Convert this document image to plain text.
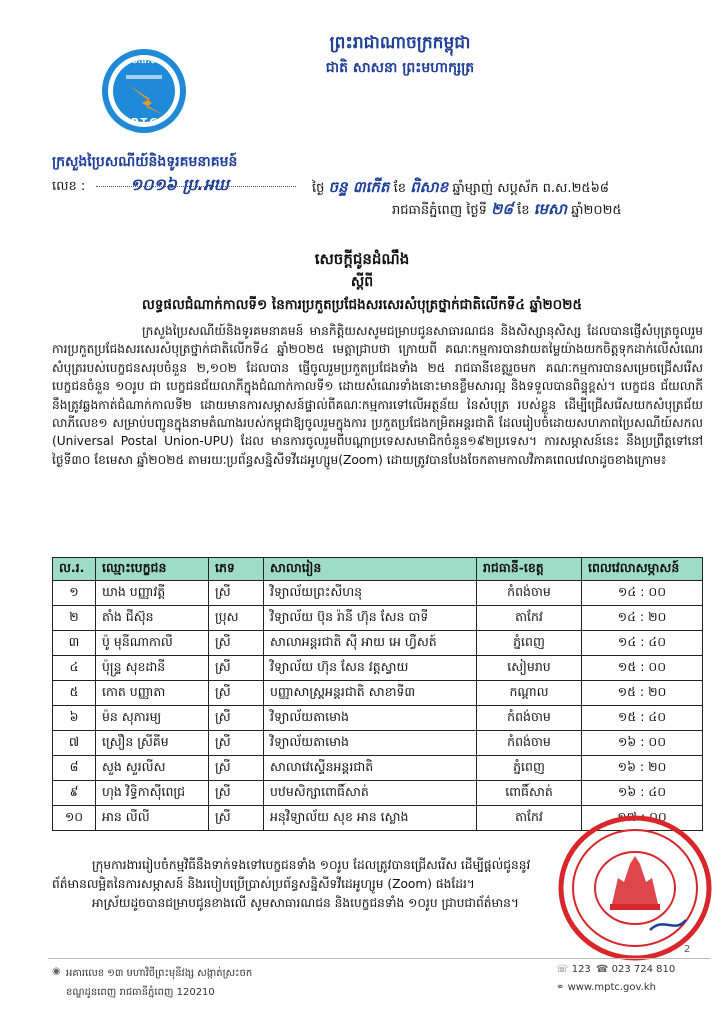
ព្រះរាជាណាចក្រកម្ពុជា
ជាតិ សាសនា ព្រះមហាក្សត្រ
ប.ផ.ទ
P.T.C
ក្រសួងប្រៃសណីយ៍និងទូរគមនាគមន៍
លេខ :	១០១៦ ប្រ.អឃ	ថ្ងៃ ចន្ទ ៣កើត ខែ ពិសាខ ឆ្នាំម្សាញ់ សប្តស័ក ព.ស.២៥៦៨
រាជធានីភ្នំពេញ ថ្ងៃទី ២៨ ខែ មេសា ឆ្នាំ២០២៥
សេចក្តីជូនដំណឹង
ស្តីពី
លទ្ធផលជំណាក់កាលទី១ នៃការប្រកួតប្រជែងសរសេរសំបុត្រថ្នាក់ជាតិលើកទី៤ ឆ្នាំ២០២៥
ក្រសួងប្រៃសណីយ៍និងទូរគមនាគមន៍ មានកិត្តិយសសូមជម្រាបជូនសាធារណជន និងសិស្សានុសិស្ស ដែលបានផ្ញើសំបុត្រចូលរួមការប្រកួតប្រជែងសរសេរសំបុត្រថ្នាក់ជាតិលើកទី៤ ឆ្នាំ២០២៥ មេត្តាជ្រាបថា ក្រោយពី គណៈកម្មការបានវាយតម្លៃយ៉ាងយកចិត្តទុកដាក់លើសំណេរសំបុត្ររបស់បេក្ខជនសរុបចំនួន ២,១០២ ដែលបាន ផ្ញើចូលរួមប្រកួតប្រជែងទាំង ២៥ រាជធានីខេត្តរួចមក គណៈកម្មការបានសម្រេចជ្រើសរើសបេក្ខជនចំនួន ១០រូប ជា បេក្ខជនជ័យលាភីក្នុងជំណាក់កាលទី១ ដោយសំណេរទាំងនោះមានខ្លឹមសារល្អ និងទទួលបានពិន្ទុខ្ពស់។ បេក្ខជន ជ័យលាភីនឹងត្រូវឆ្លងកាត់ជំណាក់កាលទី២ ដោយមានការសម្ភាសន៍ផ្ទាល់ពីគណៈកម្មការទៅលើអត្ថន័យ នៃសំបុត្រ របស់ខ្លួន ដើម្បីជ្រើសរើសយកសំបុត្រជ័យលាភីលេខ១ សម្រាប់បញ្ជូនក្នុងនាមតំណាងរបស់កម្ពុជាឱ្យចូលរួមក្នុងការ ប្រកួតប្រជែងកម្រិតអន្តរជាតិ ដែលរៀបចំដោយសហភាពប្រៃសណីយ៍សកល (Universal Postal Union-UPU) ដែល មានការចូលរួមពីបណ្តាប្រទេសសមាជិកចំនួន១៩២ប្រទេស។ ការសម្ភាសន៍នេះ នឹងប្រព្រឹត្តទៅនៅថ្ងៃទី៣០ ខែមេសា ឆ្នាំ២០២៥ តាមរយៈប្រព័ន្ធសន្និសីទវីដេអូហ្សូម(Zoom) ដោយត្រូវបានបែងចែកតាមកាលវិភាគពេលវេលាដូចខាងក្រោម៖
ល.រ.	ឈ្មោះបេក្ខជន	ភេទ	សាលារៀន	រាជធានី-ខេត្ត	ពេលវេលាសម្ភាសន៍
១	ឃាង បញ្ញាវត្តី	ស្រី	វិទ្យាល័យព្រះសីហនុ	កំពង់ចាម	១៤ : ០០
២	តាំង ជីស៊ុន	ប្រុស	វិទ្យាល័យ ប៊ុន រ៉ានី ហ៊ុន សែន បាទី	តាកែវ	១៤ : ២០
៣	ប៉ូ មុនីណាកាលី	ស្រី	សាលាអន្តរជាតិ ស៊ី អាយ អេ ហ្វឺសត៍	ភ្នំពេញ	១៤ : ៤០
៤	ប៉ុន្ទ្រ សុខដានី	ស្រី	វិទ្យាល័យ ហ៊ុន សែន វត្តស្វាយ	សៀមរាប	១៥ : ០០
៥	កោត បញ្ញាតា	ស្រី	បញ្ញាសាស្ត្រអន្តរជាតិ សាខាទី៣	កណ្តាល	១៥ : ២០
៦	ម៉ន សុភារម្យ	ស្រី	វិទ្យាល័យតាមោង	កំពង់ចាម	១៥ : ៤០
៧	ស្រឿន ស្រីគីម	ស្រី	វិទ្យាល័យតាមោង	កំពង់ចាម	១៦ : ០០
៨	សួង សួរលីស	ស្រី	សាលាវេស្ទើនអន្តរជាតិ	ភ្នំពេញ	១៦ : ២០
៩	ហុង វិទ្ធិកាស៊ីពេជ្រ	ស្រី	បឋមសិក្សាពោធិ៍សាត់	ពោធិ៍សាត់	១៦ : ៤០
១០	អាន លីលី	ស្រី	អនុវិទ្យាល័យ សុខ អាន ស្លោង	តាកែវ	១៧ : ០០
ក្រុមការងាររៀបចំកម្មវិធីនឹងទាក់ទងទៅបេក្ខជនទាំង ១០រូប ដែលត្រូវបានជ្រើសរើស ដើម្បីផ្តល់ជូននូវ
ព័ត៌មានលម្អិតនៃការសម្ភាសន៍ និងរបៀបប្រើប្រាស់ប្រព័ន្ធសន្និសីទវីដេអូហ្សូម (Zoom) ផងដែរ។
អាស្រ័យដូចបានជម្រាបជូនខាងលើ សូមសាធារណជន និងបេក្ខជនទាំង ១០រូប ជ្រាបជាព័ត៌មាន។
◉ អគារលេខ ១៣ មហាវិថីព្រះមុនីវង្ស សង្កាត់ស្រះចក
ខណ្ឌដូនពេញ រាជធានីភ្នំពេញ 120210
☏ 123 ☎ 023 724 810
⚭ www.mptc.gov.kh
2
